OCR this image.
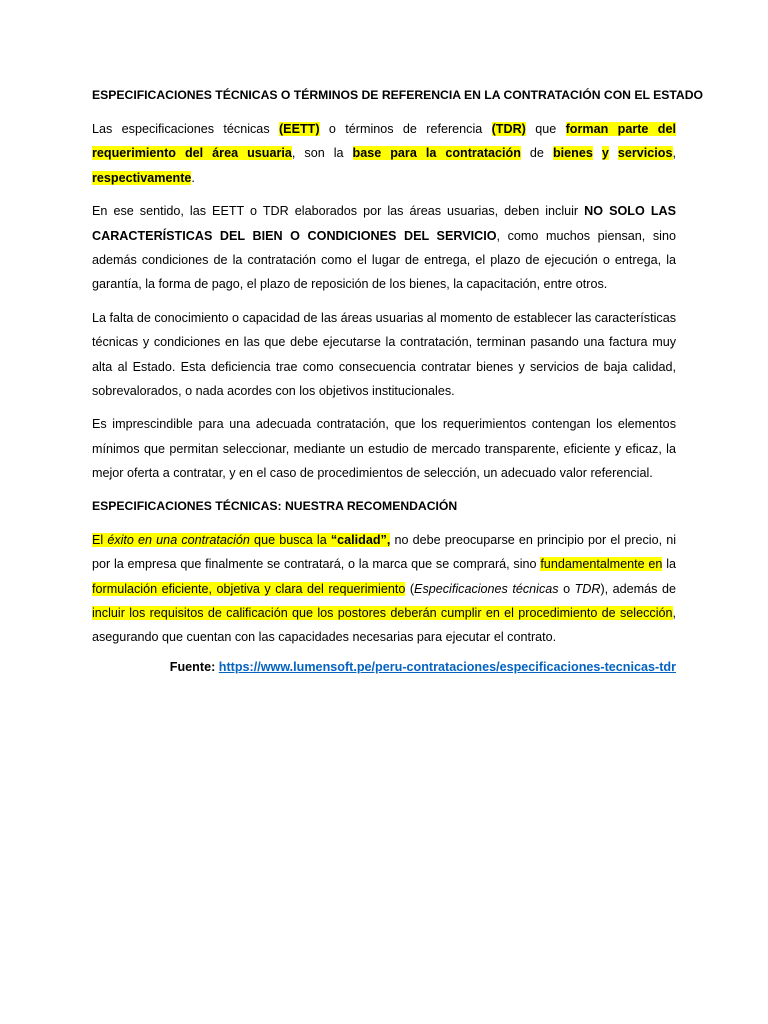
ESPECIFICACIONES TÉCNICAS O TÉRMINOS DE REFERENCIA EN LA CONTRATACIÓN CON EL ESTADO

Las especificaciones técnicas (EETT) o términos de referencia (TDR) que forman parte del requerimiento del área usuaria, son la base para la contratación de bienes y servicios, respectivamente.

En ese sentido, las EETT o TDR elaborados por las áreas usuarias, deben incluir NO SOLO LAS CARACTERÍSTICAS DEL BIEN O CONDICIONES DEL SERVICIO, como muchos piensan, sino además condiciones de la contratación como el lugar de entrega, el plazo de ejecución o entrega, la garantía, la forma de pago, el plazo de reposición de los bienes, la capacitación, entre otros.

La falta de conocimiento o capacidad de las áreas usuarias al momento de establecer las características técnicas y condiciones en las que debe ejecutarse la contratación, terminan pasando una factura muy alta al Estado. Esta deficiencia trae como consecuencia contratar bienes y servicios de baja calidad, sobrevalorados, o nada acordes con los objetivos institucionales.

Es imprescindible para una adecuada contratación, que los requerimientos contengan los elementos mínimos que permitan seleccionar, mediante un estudio de mercado transparente, eficiente y eficaz, la mejor oferta a contratar, y en el caso de procedimientos de selección, un adecuado valor referencial.

ESPECIFICACIONES TÉCNICAS: NUESTRA RECOMENDACIÓN

El éxito en una contratación que busca la “calidad”, no debe preocuparse en principio por el precio, ni por la empresa que finalmente se contratará, o la marca que se comprará, sino fundamentalmente en la formulación eficiente, objetiva y clara del requerimiento (Especificaciones técnicas o TDR), además de incluir los requisitos de calificación que los postores deberán cumplir en el procedimiento de selección, asegurando que cuentan con las capacidades necesarias para ejecutar el contrato.

Fuente: https://www.lumensoft.pe/peru-contrataciones/especificaciones-tecnicas-tdr
